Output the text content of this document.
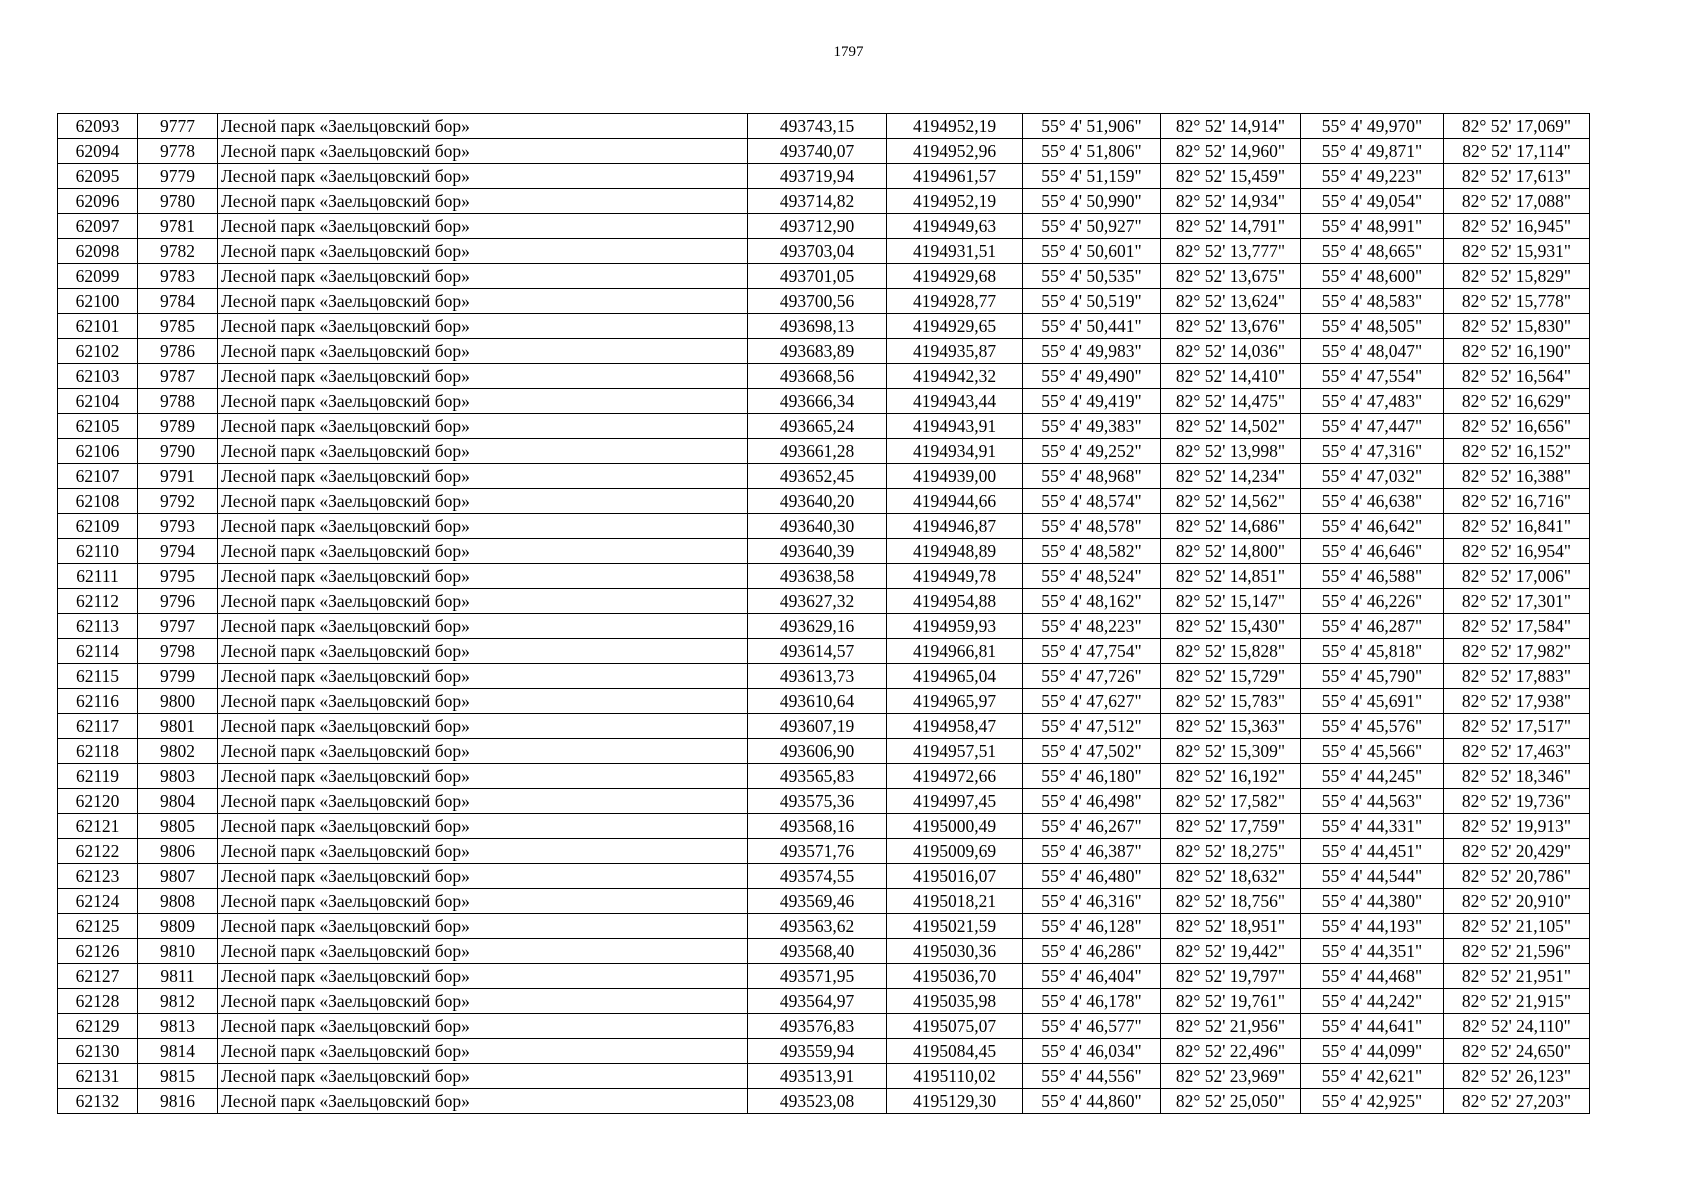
1797
62093	9777	Лесной парк «Заельцовский бор»	493743,15	4194952,19	55° 4' 51,906"	82° 52' 14,914"	55° 4' 49,970"	82° 52' 17,069"
62094	9778	Лесной парк «Заельцовский бор»	493740,07	4194952,96	55° 4' 51,806"	82° 52' 14,960"	55° 4' 49,871"	82° 52' 17,114"
62095	9779	Лесной парк «Заельцовский бор»	493719,94	4194961,57	55° 4' 51,159"	82° 52' 15,459"	55° 4' 49,223"	82° 52' 17,613"
62096	9780	Лесной парк «Заельцовский бор»	493714,82	4194952,19	55° 4' 50,990"	82° 52' 14,934"	55° 4' 49,054"	82° 52' 17,088"
62097	9781	Лесной парк «Заельцовский бор»	493712,90	4194949,63	55° 4' 50,927"	82° 52' 14,791"	55° 4' 48,991"	82° 52' 16,945"
62098	9782	Лесной парк «Заельцовский бор»	493703,04	4194931,51	55° 4' 50,601"	82° 52' 13,777"	55° 4' 48,665"	82° 52' 15,931"
62099	9783	Лесной парк «Заельцовский бор»	493701,05	4194929,68	55° 4' 50,535"	82° 52' 13,675"	55° 4' 48,600"	82° 52' 15,829"
62100	9784	Лесной парк «Заельцовский бор»	493700,56	4194928,77	55° 4' 50,519"	82° 52' 13,624"	55° 4' 48,583"	82° 52' 15,778"
62101	9785	Лесной парк «Заельцовский бор»	493698,13	4194929,65	55° 4' 50,441"	82° 52' 13,676"	55° 4' 48,505"	82° 52' 15,830"
62102	9786	Лесной парк «Заельцовский бор»	493683,89	4194935,87	55° 4' 49,983"	82° 52' 14,036"	55° 4' 48,047"	82° 52' 16,190"
62103	9787	Лесной парк «Заельцовский бор»	493668,56	4194942,32	55° 4' 49,490"	82° 52' 14,410"	55° 4' 47,554"	82° 52' 16,564"
62104	9788	Лесной парк «Заельцовский бор»	493666,34	4194943,44	55° 4' 49,419"	82° 52' 14,475"	55° 4' 47,483"	82° 52' 16,629"
62105	9789	Лесной парк «Заельцовский бор»	493665,24	4194943,91	55° 4' 49,383"	82° 52' 14,502"	55° 4' 47,447"	82° 52' 16,656"
62106	9790	Лесной парк «Заельцовский бор»	493661,28	4194934,91	55° 4' 49,252"	82° 52' 13,998"	55° 4' 47,316"	82° 52' 16,152"
62107	9791	Лесной парк «Заельцовский бор»	493652,45	4194939,00	55° 4' 48,968"	82° 52' 14,234"	55° 4' 47,032"	82° 52' 16,388"
62108	9792	Лесной парк «Заельцовский бор»	493640,20	4194944,66	55° 4' 48,574"	82° 52' 14,562"	55° 4' 46,638"	82° 52' 16,716"
62109	9793	Лесной парк «Заельцовский бор»	493640,30	4194946,87	55° 4' 48,578"	82° 52' 14,686"	55° 4' 46,642"	82° 52' 16,841"
62110	9794	Лесной парк «Заельцовский бор»	493640,39	4194948,89	55° 4' 48,582"	82° 52' 14,800"	55° 4' 46,646"	82° 52' 16,954"
62111	9795	Лесной парк «Заельцовский бор»	493638,58	4194949,78	55° 4' 48,524"	82° 52' 14,851"	55° 4' 46,588"	82° 52' 17,006"
62112	9796	Лесной парк «Заельцовский бор»	493627,32	4194954,88	55° 4' 48,162"	82° 52' 15,147"	55° 4' 46,226"	82° 52' 17,301"
62113	9797	Лесной парк «Заельцовский бор»	493629,16	4194959,93	55° 4' 48,223"	82° 52' 15,430"	55° 4' 46,287"	82° 52' 17,584"
62114	9798	Лесной парк «Заельцовский бор»	493614,57	4194966,81	55° 4' 47,754"	82° 52' 15,828"	55° 4' 45,818"	82° 52' 17,982"
62115	9799	Лесной парк «Заельцовский бор»	493613,73	4194965,04	55° 4' 47,726"	82° 52' 15,729"	55° 4' 45,790"	82° 52' 17,883"
62116	9800	Лесной парк «Заельцовский бор»	493610,64	4194965,97	55° 4' 47,627"	82° 52' 15,783"	55° 4' 45,691"	82° 52' 17,938"
62117	9801	Лесной парк «Заельцовский бор»	493607,19	4194958,47	55° 4' 47,512"	82° 52' 15,363"	55° 4' 45,576"	82° 52' 17,517"
62118	9802	Лесной парк «Заельцовский бор»	493606,90	4194957,51	55° 4' 47,502"	82° 52' 15,309"	55° 4' 45,566"	82° 52' 17,463"
62119	9803	Лесной парк «Заельцовский бор»	493565,83	4194972,66	55° 4' 46,180"	82° 52' 16,192"	55° 4' 44,245"	82° 52' 18,346"
62120	9804	Лесной парк «Заельцовский бор»	493575,36	4194997,45	55° 4' 46,498"	82° 52' 17,582"	55° 4' 44,563"	82° 52' 19,736"
62121	9805	Лесной парк «Заельцовский бор»	493568,16	4195000,49	55° 4' 46,267"	82° 52' 17,759"	55° 4' 44,331"	82° 52' 19,913"
62122	9806	Лесной парк «Заельцовский бор»	493571,76	4195009,69	55° 4' 46,387"	82° 52' 18,275"	55° 4' 44,451"	82° 52' 20,429"
62123	9807	Лесной парк «Заельцовский бор»	493574,55	4195016,07	55° 4' 46,480"	82° 52' 18,632"	55° 4' 44,544"	82° 52' 20,786"
62124	9808	Лесной парк «Заельцовский бор»	493569,46	4195018,21	55° 4' 46,316"	82° 52' 18,756"	55° 4' 44,380"	82° 52' 20,910"
62125	9809	Лесной парк «Заельцовский бор»	493563,62	4195021,59	55° 4' 46,128"	82° 52' 18,951"	55° 4' 44,193"	82° 52' 21,105"
62126	9810	Лесной парк «Заельцовский бор»	493568,40	4195030,36	55° 4' 46,286"	82° 52' 19,442"	55° 4' 44,351"	82° 52' 21,596"
62127	9811	Лесной парк «Заельцовский бор»	493571,95	4195036,70	55° 4' 46,404"	82° 52' 19,797"	55° 4' 44,468"	82° 52' 21,951"
62128	9812	Лесной парк «Заельцовский бор»	493564,97	4195035,98	55° 4' 46,178"	82° 52' 19,761"	55° 4' 44,242"	82° 52' 21,915"
62129	9813	Лесной парк «Заельцовский бор»	493576,83	4195075,07	55° 4' 46,577"	82° 52' 21,956"	55° 4' 44,641"	82° 52' 24,110"
62130	9814	Лесной парк «Заельцовский бор»	493559,94	4195084,45	55° 4' 46,034"	82° 52' 22,496"	55° 4' 44,099"	82° 52' 24,650"
62131	9815	Лесной парк «Заельцовский бор»	493513,91	4195110,02	55° 4' 44,556"	82° 52' 23,969"	55° 4' 42,621"	82° 52' 26,123"
62132	9816	Лесной парк «Заельцовский бор»	493523,08	4195129,30	55° 4' 44,860"	82° 52' 25,050"	55° 4' 42,925"	82° 52' 27,203"
